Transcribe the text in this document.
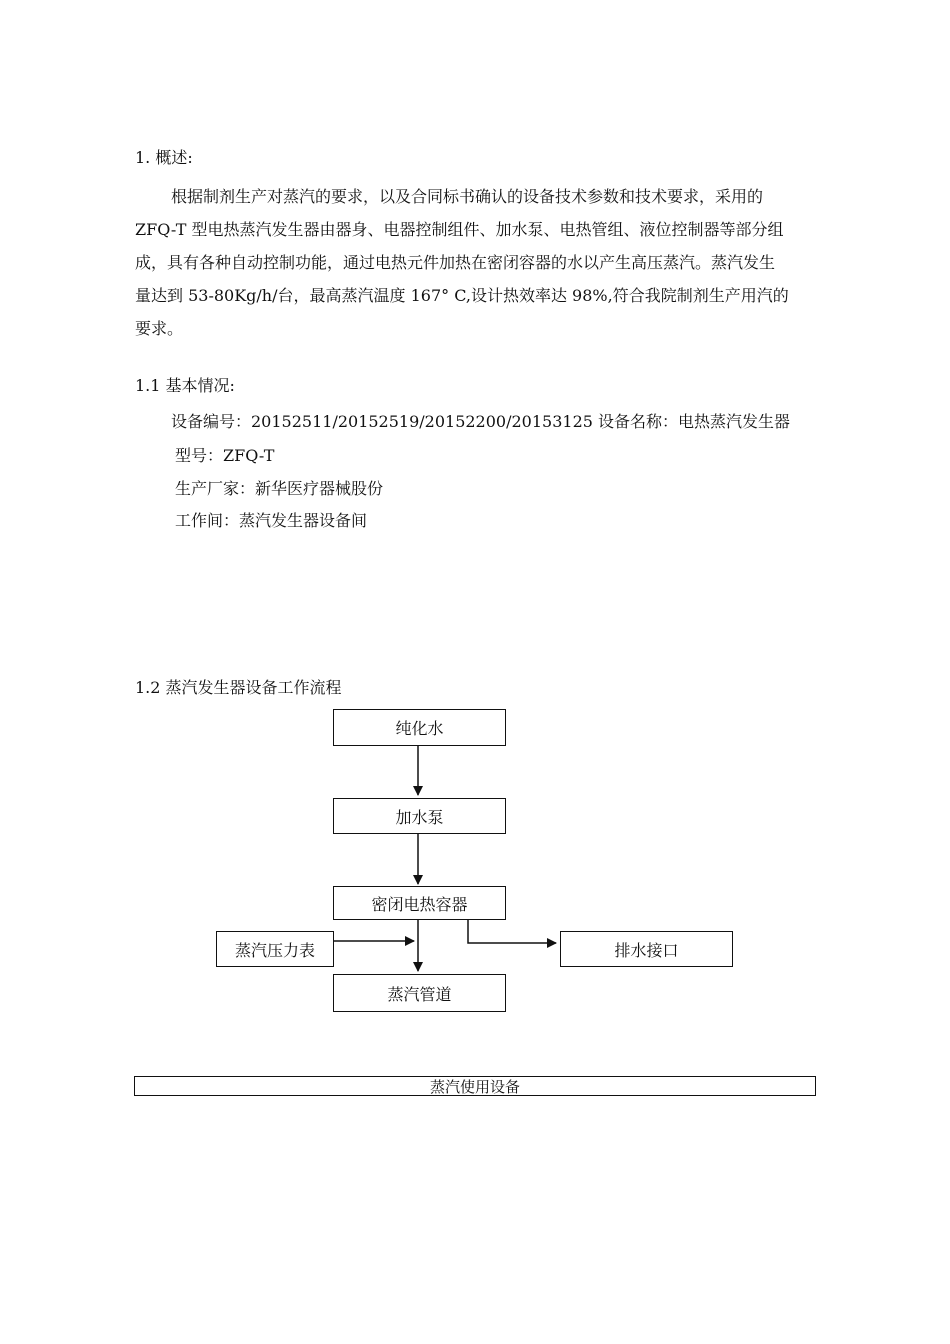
1. 概述:
根据制剂生产对蒸汽的要求，以及合同标书确认的设备技术参数和技术要求，采用的
ZFQ-T 型电热蒸汽发生器由器身、电器控制组件、加水泵、电热管组、液位控制器等部分组
成，具有各种自动控制功能，通过电热元件加热在密闭容器的水以产生高压蒸汽。蒸汽发生
量达到 53-80Kg/h/台，最高蒸汽温度 167° C,设计热效率达 98%,符合我院制剂生产用汽的
要求。
1.1 基本情况:
设备编号：20152511/20152519/20152200/20153125 设备名称：电热蒸汽发生器
型号：ZFQ-T
生产厂家：新华医疗器械股份
工作间：蒸汽发生器设备间
1.2 蒸汽发生器设备工作流程
纯化水
加水泵
密闭电热容器
蒸汽压力表	排水接口
蒸汽管道
蒸汽使用设备
